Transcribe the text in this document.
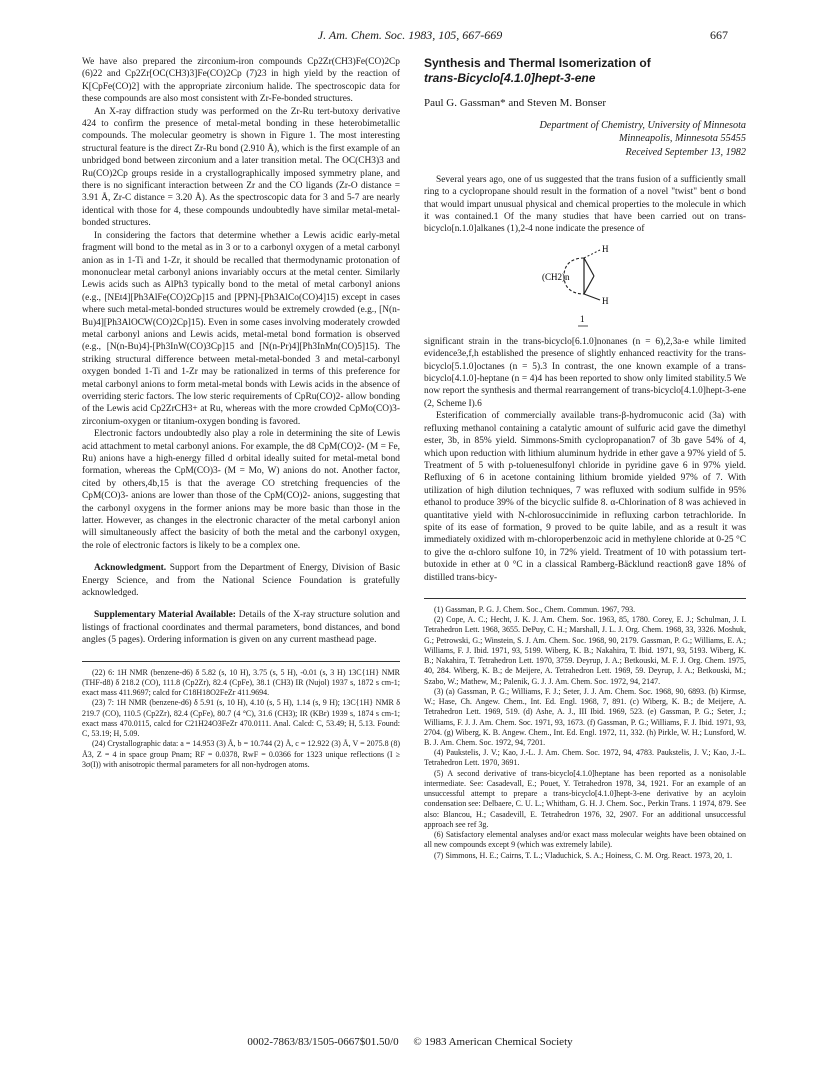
J. Am. Chem. Soc. 1983, 105, 667-669	667

We have also prepared the zirconium-iron compounds Cp2Zr(CH3)Fe(CO)2Cp (6)22 and Cp2Zr[OC(CH3)3]Fe(CO)2Cp (7)23 in high yield by the reaction of K[CpFe(CO)2] with the appropriate zirconium halide. The spectroscopic data for these compounds are also most consistent with Zr-Fe-bonded structures.

An X-ray diffraction study was performed on the Zr-Ru tert-butoxy derivative 424 to confirm the presence of metal-metal bonding in these heterobimetallic compounds. The molecular geometry is shown in Figure 1. The most interesting structural feature is the direct Zr-Ru bond (2.910 Å), which is the first example of an unbridged bond between zirconium and a later transition metal. The OC(CH3)3 and Ru(CO)2Cp groups reside in a crystallographically imposed symmetry plane, and there is no significant interaction between Zr and the CO ligands (Zr-O distance = 3.91 Å, Zr-C distance = 3.20 Å). As the spectroscopic data for 3 and 5-7 are nearly identical with those for 4, these compounds undoubtedly have similar metal-metal-bonded structures.

In considering the factors that determine whether a Lewis acidic early-metal fragment will bond to the metal as in 3 or to a carbonyl oxygen of a metal carbonyl anion as in 1-Ti and 1-Zr, it should be recalled that thermodynamic protonation of mononuclear metal carbonyl anions invariably occurs at the metal center. Similarly Lewis acids such as AlPh3 typically bond to the metal of metal carbonyl anions (e.g., [NEt4][Ph3AlFe(CO)2Cp]15 and [PPN]-[Ph3AlCo(CO)4]15) except in cases where such metal-metal-bonded structures would be extremely crowded (e.g., [N(n-Bu)4][Ph3AlOCW(CO)2Cp]15). Even in some cases involving moderately crowded metal carbonyl anions and Lewis acids, metal-metal bond formation is observed (e.g., [N(n-Bu)4]-[Ph3InW(CO)3Cp]15 and [N(n-Pr)4][Ph3InMn(CO)5]15). The striking structural difference between metal-metal-bonded 3 and metal-carbonyl oxygen bonded 1-Ti and 1-Zr may be rationalized in terms of this preference for metal carbonyl anions to form metal-metal bonds with Lewis acids in the absence of overriding steric factors. The low steric requirements of CpRu(CO)2- allow bonding of the Lewis acid Cp2ZrCH3+ at Ru, whereas with the more crowded CpMo(CO)3- zirconium-oxygen or titanium-oxygen bonding is favored.

Electronic factors undoubtedly also play a role in determining the site of Lewis acid attachment to metal carbonyl anions. For example, the d8 CpM(CO)2- (M = Fe, Ru) anions have a high-energy filled d orbital ideally suited for metal-metal bond formation, whereas the CpM(CO)3- (M = Mo, W) anions do not. Another factor, cited by others,4b,15 is that the average CO stretching frequencies of the CpM(CO)3- anions are lower than those of the CpM(CO)2- anions, suggesting that the carbonyl oxygens in the former anions may be more basic than those in the latter. However, as changes in the electronic character of the metal carbonyl anion will simultaneously affect the basicity of both the metal and the carbonyl oxygen, the role of electronic factors is likely to be a complex one.

Acknowledgment. Support from the Department of Energy, Division of Basic Energy Science, and from the National Science Foundation is gratefully acknowledged.

Supplementary Material Available: Details of the X-ray structure solution and listings of fractional coordinates and thermal parameters, bond distances, and bond angles (5 pages). Ordering information is given on any current masthead page.

(22) 6: 1H NMR (benzene-d6) δ 5.82 (s, 10 H), 3.75 (s, 5 H), -0.01 (s, 3 H) 13C{1H} NMR (THF-d8) δ 218.2 (CO), 111.8 (Cp2Zr), 82.4 (CpFe), 38.1 (CH3) IR (Nujol) 1937 s, 1872 s cm-1; exact mass 411.9697; calcd for C18H18O2FeZr 411.9694.

(23) 7: 1H NMR (benzene-d6) δ 5.91 (s, 10 H), 4.10 (s, 5 H), 1.14 (s, 9 H); 13C{1H} NMR δ 219.7 (CO), 110.5 (Cp2Zr), 82.4 (CpFe), 80.7 (4 °C), 31.6 (CH3); IR (KBr) 1939 s, 1874 s cm-1; exact mass 470.0115, calcd for C21H24O3FeZr 470.0111. Anal. Calcd: C, 53.49; H, 5.13. Found: C, 53.19; H, 5.09.

(24) Crystallographic data: a = 14.953 (3) Å, b = 10.744 (2) Å, c = 12.922 (3) Å, V = 2075.8 (8) Å3, Z = 4 in space group Pnam; RF = 0.0378, RwF = 0.0366 for 1323 unique reflections (I ≥ 3σ(I)) with anisotropic thermal parameters for all non-hydrogen atoms.

Synthesis and Thermal Isomerization of
trans-Bicyclo[4.1.0]hept-3-ene
Paul G. Gassman* and Steven M. Bonser
Department of Chemistry, University of Minnesota
Minneapolis, Minnesota 55455
Received September 13, 1982

Several years ago, one of us suggested that the trans fusion of a sufficiently small ring to a cyclopropane should result in the formation of a novel "twist" bent σ bond that would impart unusual physical and chemical properties to the molecule in which it was contained.1 Of the many studies that have been carried out on trans-bicyclo[n.1.0]alkanes (1),2-4 none indicate the presence of

H
H
(CH2)n
1

significant strain in the trans-bicyclo[6.1.0]nonanes (n = 6),2,3a-e while limited evidence3e,f,h established the presence of slightly enhanced reactivity for the trans-bicyclo[5.1.0]octanes (n = 5).3 In contrast, the one known example of a trans-bicyclo[4.1.0]-heptane (n = 4)4 has been reported to show only limited stability.5 We now report the synthesis and thermal rearrangement of trans-bicyclo[4.1.0]hept-3-ene (2, Scheme I).6

Esterification of commercially available trans-β-hydromuconic acid (3a) with refluxing methanol containing a catalytic amount of sulfuric acid gave the dimethyl ester, 3b, in 85% yield. Simmons-Smith cyclopropanation7 of 3b gave 54% of 4, which upon reduction with lithium aluminum hydride in ether gave a 97% yield of 5. Treatment of 5 with p-toluenesulfonyl chloride in pyridine gave 6 in 97% yield. Refluxing of 6 in acetone containing lithium bromide yielded 97% of 7. With utilization of high dilution techniques, 7 was refluxed with sodium sulfide in 95% ethanol to produce 39% of the bicyclic sulfide 8. α-Chlorination of 8 was achieved in quantitative yield with N-chlorosuccinimide in refluxing carbon tetrachloride. In spite of its ease of formation, 9 proved to be quite labile, and as a result it was immediately oxidized with m-chloroperbenzoic acid in methylene chloride at 0-25 °C to give the α-chloro sulfone 10, in 72% yield. Treatment of 10 with potassium tert-butoxide in ether at 0 °C in a classical Ramberg-Bäcklund reaction8 gave 18% of distilled trans-bicy-

(1) Gassman, P. G. J. Chem. Soc., Chem. Commun. 1967, 793.

(2) Cope, A. C.; Hecht, J. K. J. Am. Chem. Soc. 1963, 85, 1780. Corey, E. J.; Schulman, J. I. Tetrahedron Lett. 1968, 3655. DePuy, C. H.; Marshall, J. L. J. Org. Chem. 1968, 33, 3326. Moshuk, G.; Petrowski, G.; Winstein, S. J. Am. Chem. Soc. 1968, 90, 2179. Gassman, P. G.; Williams, E. A.; Williams, F. J. Ibid. 1971, 93, 5199. Wiberg, K. B.; Nakahira, T. Ibid. 1971, 93, 5193. Wiberg, K. B.; Nakahira, T. Tetrahedron Lett. 1970, 3759. Deyrup, J. A.; Betkouski, M. F. J. Org. Chem. 1975, 40, 284. Wiberg, K. B.; de Meijere, A. Tetrahedron Lett. 1969, 59. Deyrup, J. A.; Betkouski, M.; Szabo, W.; Mathew, M.; Palenik, G. J. J. Am. Chem. Soc. 1972, 94, 2147.

(3) (a) Gassman, P. G.; Williams, F. J.; Seter, J. J. Am. Chem. Soc. 1968, 90, 6893. (b) Kirmse, W.; Hase, Ch. Angew. Chem., Int. Ed. Engl. 1968, 7, 891. (c) Wiberg, K. B.; de Meijere, A. Tetrahedron Lett. 1969, 519. (d) Ashe, A. J., III Ibid. 1969, 523. (e) Gassman, P. G.; Seter, J.; Williams, F. J. J. Am. Chem. Soc. 1971, 93, 1673. (f) Gassman, P. G.; Williams, F. J. Ibid. 1971, 93, 2704. (g) Wiberg, K. B. Angew. Chem., Int. Ed. Engl. 1972, 11, 332. (h) Pirkle, W. H.; Lunsford, W. B. J. Am. Chem. Soc. 1972, 94, 7201.

(4) Paukstelis, J. V.; Kao, J.-L. J. Am. Chem. Soc. 1972, 94, 4783. Paukstelis, J. V.; Kao, J.-L. Tetrahedron Lett. 1970, 3691.

(5) A second derivative of trans-bicyclo[4.1.0]heptane has been reported as a nonisolable intermediate. See: Casadevall, E.; Pouet, Y. Tetrahedron 1978, 34, 1921. For an example of an unsuccessful attempt to prepare a trans-bicyclo[4.1.0]hept-3-ene derivative by an acyloin condensation see: Delbaere, C. U. L.; Whitham, G. H. J. Chem. Soc., Perkin Trans. 1 1974, 879. See also: Blancou, H.; Casadevill, E. Tetrahedron 1976, 32, 2907. For an additional unsuccessful approach see ref 3g.

(6) Satisfactory elemental analyses and/or exact mass molecular weights have been obtained on all new compounds except 9 (which was extremely labile).

(7) Simmons, H. E.; Cairns, T. L.; Vladuchick, S. A.; Hoiness, C. M. Org. React. 1973, 20, 1.

0002-7863/83/1505-0667$01.50/0 © 1983 American Chemical Society
